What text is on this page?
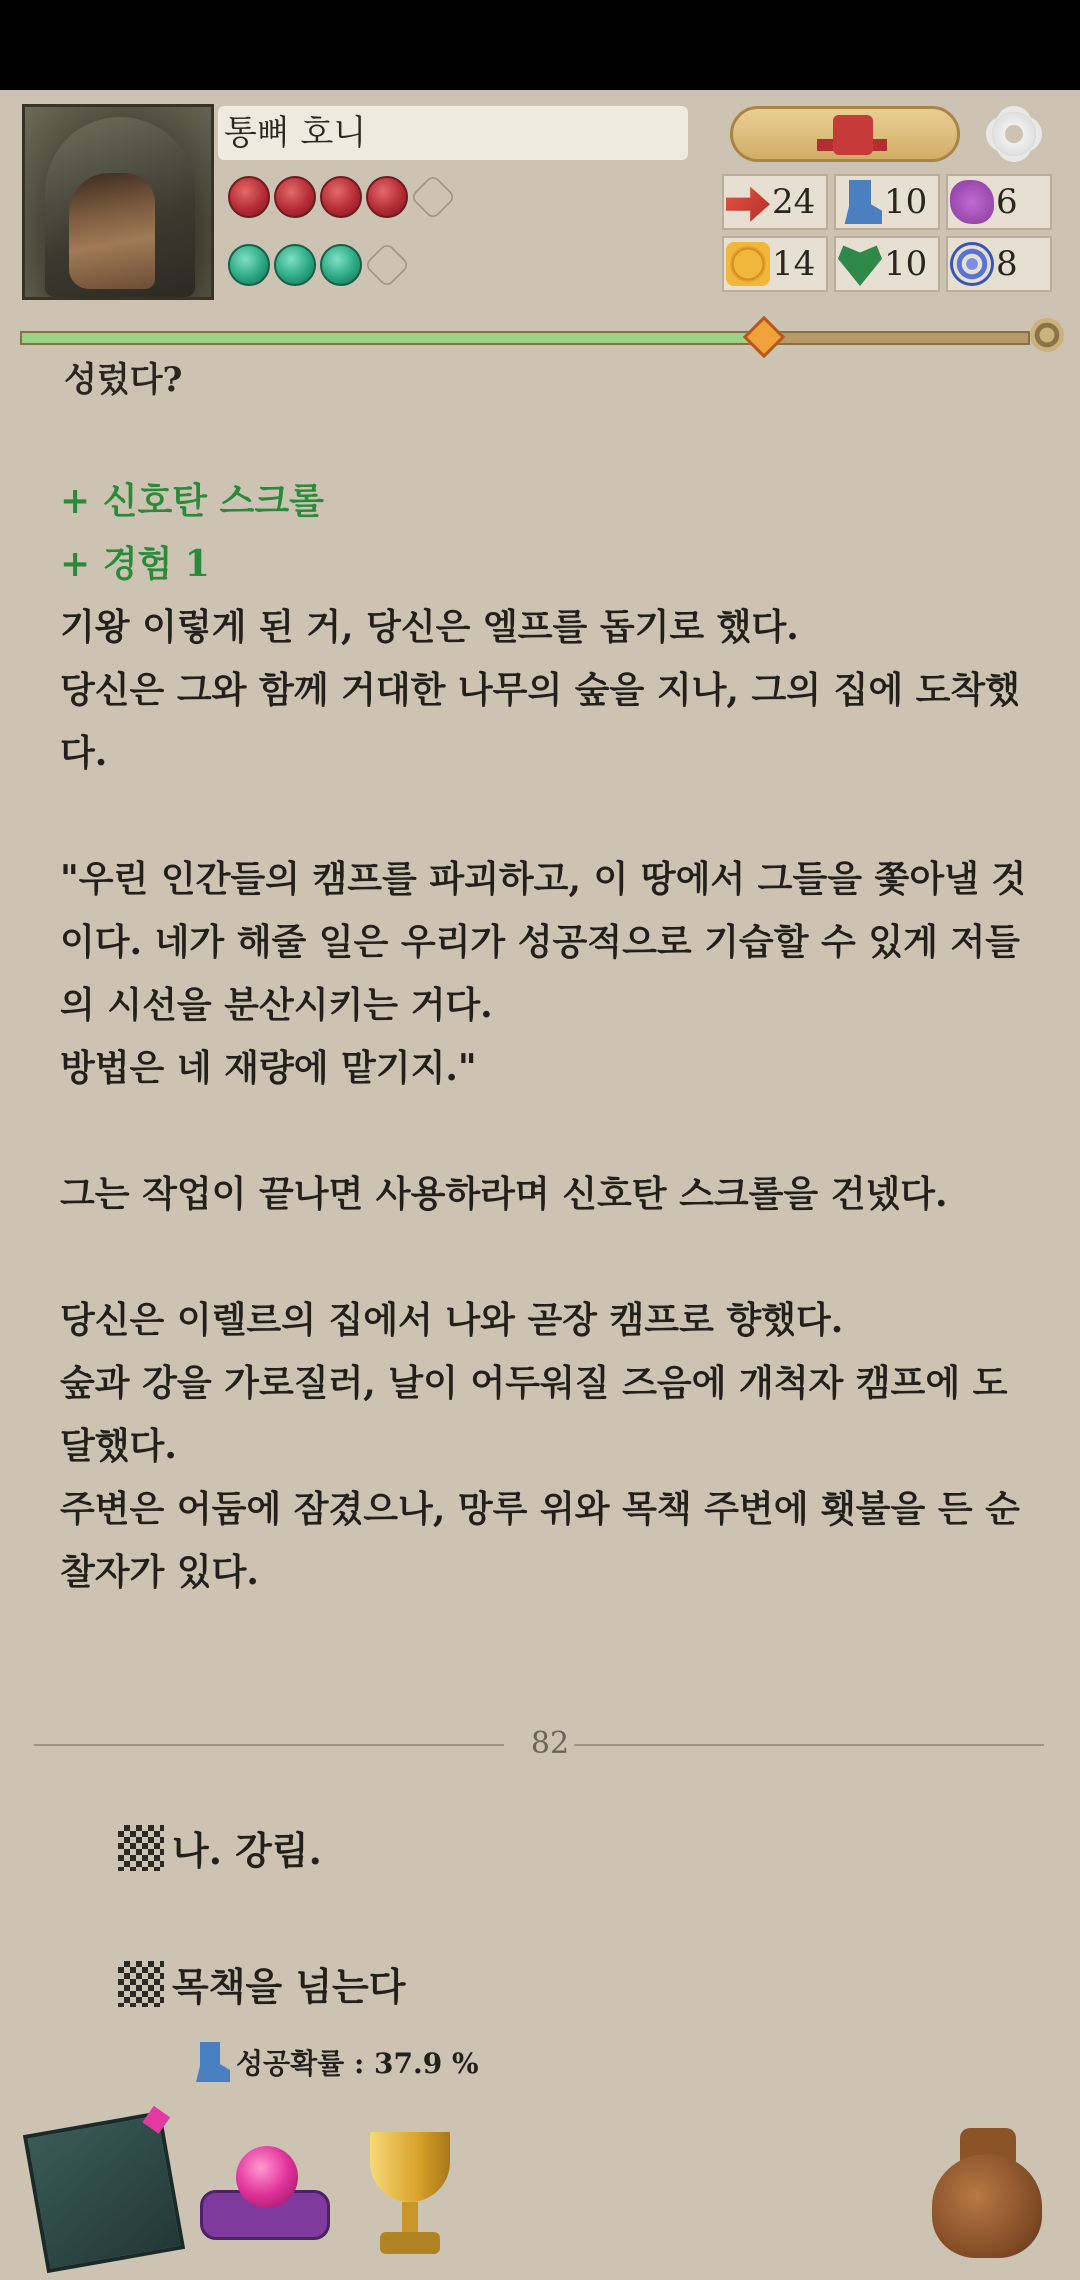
통뼈 호니
24 10 6
14 10 8
성렀다?

+ 신호탄 스크롤

+ 경험 1

기왕 이렇게 된 거, 당신은 엘프를 돕기로 했다.

당신은 그와 함께 거대한 나무의 숲을 지나, 그의 집에 도착했다.

"우린 인간들의 캠프를 파괴하고, 이 땅에서 그들을 쫓아낼 것이다. 네가 해줄 일은 우리가 성공적으로 기습할 수 있게 저들의 시선을 분산시키는 거다.

방법은 네 재량에 맡기지."

그는 작업이 끝나면 사용하라며 신호탄 스크롤을 건넸다.

당신은 이렐르의 집에서 나와 곧장 캠프로 향했다.

숲과 강을 가로질러, 날이 어두워질 즈음에 개척자 캠프에 도달했다.

주변은 어둠에 잠겼으나, 망루 위와 목책 주변에 횃불을 든 순찰자가 있다.

82
나. 강림.
목책을 넘는다
성공확률 : 37.9 %
